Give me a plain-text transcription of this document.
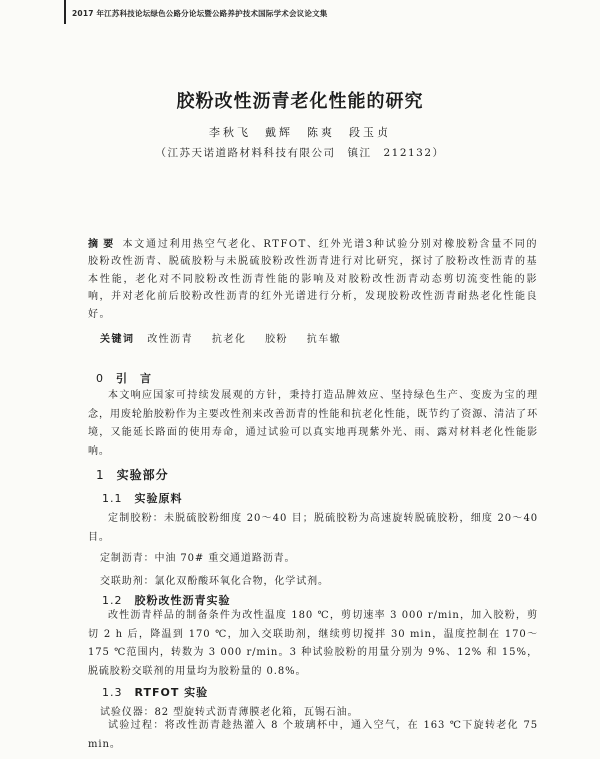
2017 年江苏科技论坛绿色公路分论坛暨公路养护技术国际学术会议论文集
胶粉改性沥青老化性能的研究
李秋飞　戴辉　陈爽　段玉贞
（江苏天诺道路材料科技有限公司　镇江　212132）
摘要 本文通过利用热空气老化、RTFOT、红外光谱3种试验分别对橡胶粉含量不同的胶粉改性沥青、脱硫胶粉与未脱硫胶粉改性沥青进行对比研究，探讨了胶粉改性沥青的基本性能，老化对不同胶粉改性沥青性能的影响及对胶粉改性沥青动态剪切流变性能的影响，并对老化前后胶粉改性沥青的红外光谱进行分析，发现胶粉改性沥青耐热老化性能良好。
关键词 改性沥青 抗老化 胶粉 抗车辙
0 引　言
本文响应国家可持续发展观的方针，秉持打造品牌效应、坚持绿色生产、变废为宝的理念，用废轮胎胶粉作为主要改性剂来改善沥青的性能和抗老化性能，既节约了资源、清洁了环境，又能延长路面的使用寿命，通过试验可以真实地再现紫外光、雨、露对材料老化性能影响。
1 实验部分
1.1 实验原料
定制胶粉：未脱硫胶粉细度 20～40 目；脱硫胶粉为高速旋转脱硫胶粉，细度 20～40 目。
定制沥青：中油 70# 重交通道路沥青。
交联助剂：氯化双酚酸环氧化合物，化学试剂。
1.2 胶粉改性沥青实验
改性沥青样品的制备条件为改性温度 180 ℃，剪切速率 3 000 r/min，加入胶粉，剪切 2 h 后，降温到 170 ℃，加入交联助剂，继续剪切搅拌 30 min，温度控制在 170～175 ℃范围内，转数为 3 000 r/min。3 种试验胶粉的用量分别为 9%、12% 和 15%，脱硫胶粉交联剂的用量均为胶粉量的 0.8%。
1.3 RTFOT 实验
试验仪器：82 型旋转式沥青薄膜老化箱，瓦锡石油。
试验过程：将改性沥青趁热灌入 8 个玻璃杯中，通入空气，在 163 ℃下旋转老化 75 min。
